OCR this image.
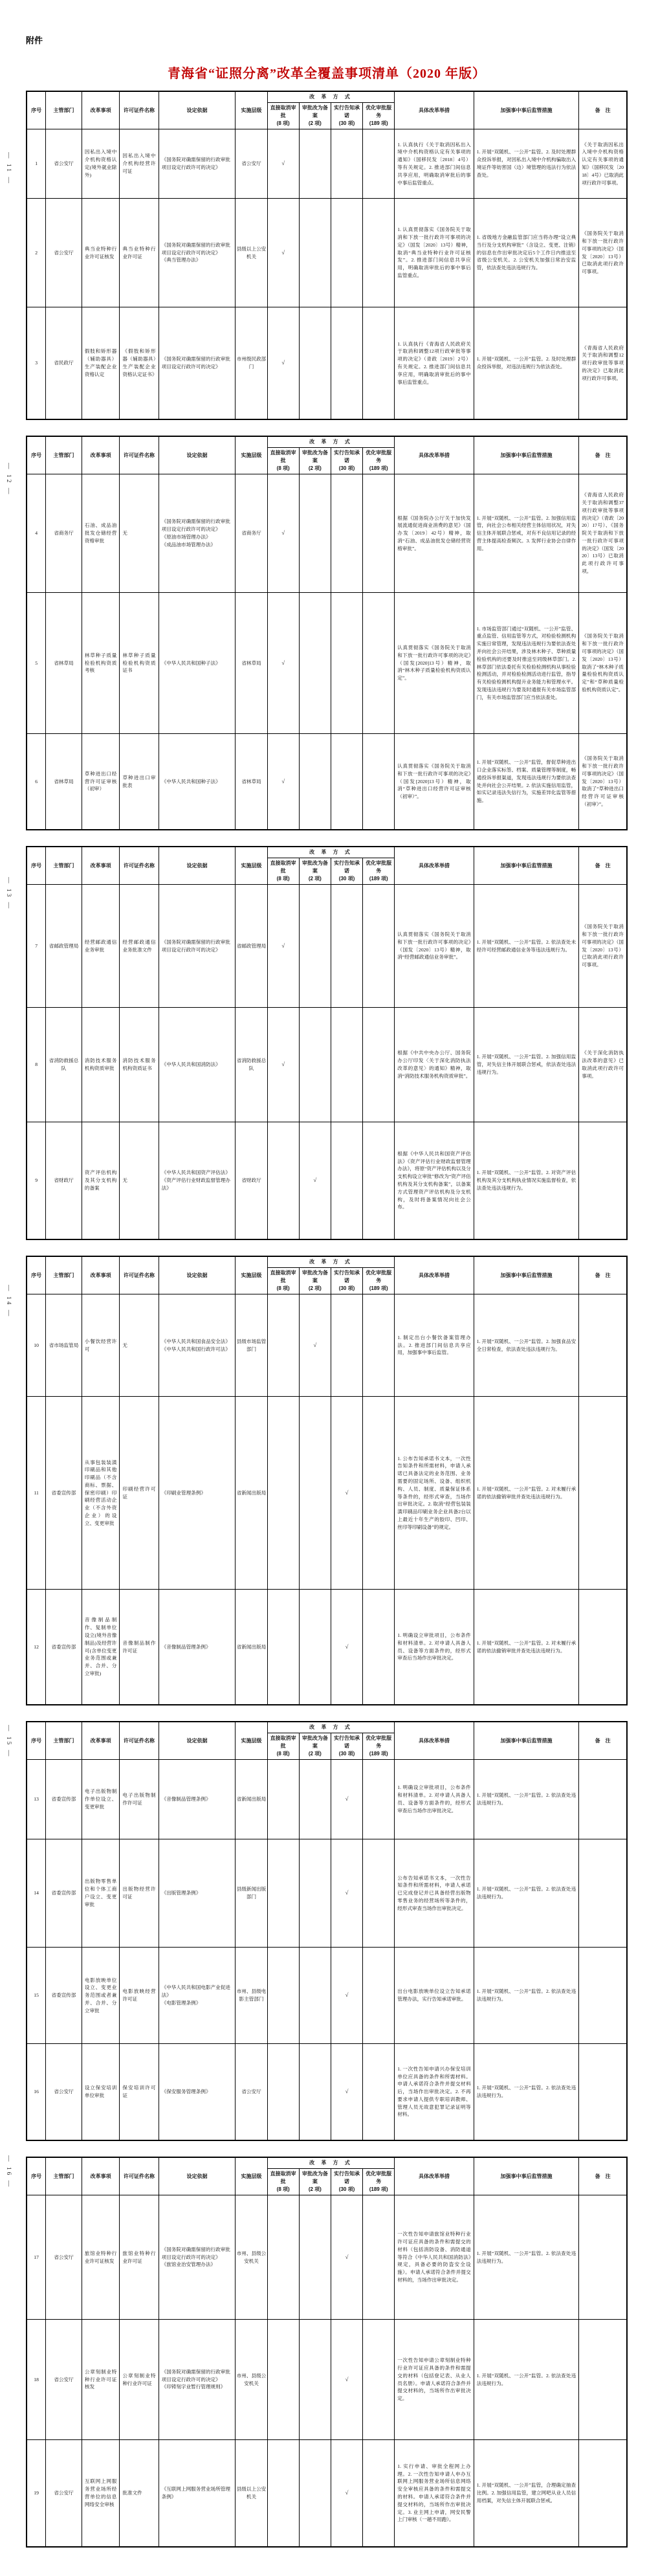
附件
青海省“证照分离”改革全覆盖事项清单（2020 年版）
序号	主管部门	改革事项	许可证件名称	设定依据	实施层级	改 革 方 式				具体改革举措	加强事中事后监管措施	备　注

直接取消审批
(8 项)

审批改为备案
(2 项)

实行告知承诺
(30 项)

优化审批服务
(189 项)

1	省公安厅	因私出入境中介机构资格认定(境外就业除外)	因私出入境中介机构经营许可证	《国务院对确需保留的行政审批项目设定行政许可的决定》	省公安厅	√				1. 认真执行《关于取消因私出入境中介机构资格认定有关事项的通知》（国移民发〔2018〕4号）等有关规定。2. 推进部门间信息共享应用，明确取消审批后的事中事后监管重点。	1. 开展“双随机、一公开”监管。2. 及时处理群众投诉举报，对因私出入境中介机构骗取出入境证件等妨害国（边）境管理的违法行为依法查处。	《关于取消因私出入境中介机构资格认定有关事项的通知》（国移民发〔2018〕4号）已取消此项行政许可事项。
2	省公安厅	典当业特种行业许可证核发	典当业特种行业许可证	《国务院对确需保留的行政审批项目设定行政许可的决定》
《典当管理办法》	县级以上公安机关	√				1. 认真贯彻落实《国务院关于取消和下放一批行政许可事项的决定》（国发〔2020〕13号）精神，取消“典当业特种行业许可证核发”。2. 推进部门间信息共享应用，明确取消审批后的事中事后监管重点。	1. 省级地方金融监管部门应当将办理“设立典当行及分支机构审批”（含设立、变更、注销）的信息在作出审批决定后5个工作日内推送至省级公安机关。2. 公安机关加强日常治安监管，依法查处违法违规行为。	《国务院关于取消和下放一批行政许可事项的决定》（国发〔2020〕13号）已取消此项行政许可事项。
3	省民政厅	假肢和矫形器（辅助器具）生产装配企业资格认定	《假肢和矫形器（辅助器具）生产装配企业资格认定证书》	《国务院对确需保留的行政审批项目设定行政许可的决定》	市州级民政部门	√				1. 认真执行《青海省人民政府关于取消和调整12项行政审批等事项的决定》（青政〔2019〕2号）有关规定。2. 推进部门间信息共享应用，明确取消审批后的事中事后监管重点。	1. 开展“双随机、一公开”监管。2. 及时处理群众投诉举报，对违法违规行为依法查处。	《青海省人民政府关于取消和调整12项行政审批等事项的决定》已取消此项行政许可事项。
序号	主管部门	改革事项	许可证件名称	设定依据	实施层级	改 革 方 式				具体改革举措	加强事中事后监管措施	备　注

直接取消审批
(8 项)

审批改为备案
(2 项)

实行告知承诺
(30 项)

优化审批服务
(189 项)

4	省商务厅	石油、成品油批发仓储经营资格审批	无	《国务院对确需保留的行政审批项目设定行政许可的决定》
《原油市场管理办法》
《成品油市场管理办法》	省商务厅	√				根据《国务院办公厅关于加快发展流通促进商业消费的意见》（国办发〔2019〕42号）精神，取消“石油、成品油批发仓储经营资格审批”。	1. 开展“双随机、一公开”监管。2. 加强信用监管，向社会公布相关经营主体信用状况，对失信主体开展联合惩戒，对有不良信用记录的经营主体提高检查频次。3. 发挥行业协会自律作用。	《青海省人民政府关于取消和调整37项行政审批等事项的决定》（青政〔2020〕17号）、《国务院关于取消和下放一批行政许可事项的决定》（国发〔2020〕13号）已取消此项行政许可事项。
5	省林草局	林草种子质量检验机构资质考核	林草种子质量检验机构资质证书	《中华人民共和国种子法》	省林草局	√				认真贯彻落实《国务院关于取消和下放一批行政许可事项的决定》（国发[2020]13号）精神，取消“林木种子质量检验机构资质认定”。	1. 市场监管部门通过“双随机、一公开”监管、重点监管、信用监管等方式，对检验检测机构实施日常管理，发现违法违规行为要依法查处并向社会公开结果，涉及林木种子、草种质量检验机构的还要及时推送至同级林草部门。2. 林草部门依法委托有关检验检测机构从事检验检测活动，并对检验检测活动进行监管，指导有关检验检测机构提升业务能力和管理水平。发现违法违规行为要及时通报有关市场监管部门，有关市场监管部门应当依法查处。	《国务院关于取消和下放一批行政许可事项的决定》（国发〔2020〕13号）取消了“林木种子质量检验机构资质认定”和“草种质量检验机构资质认定”。
6	省林草局	草种进出口经营许可证审核（初审）	草种进出口审批表	《中华人民共和国种子法》	省林草局	√				认真贯彻落实《国务院关于取消和下放一批行政许可事项的决定》（国发[2020]13号）精神，取消“草种进出口经营许可证审核（初审）”。	1. 开展“双随机、一公开”监管，督促草种进出口企业落实标签、档案、质量管理等制度，畅通投诉举报渠道，发现违法违规行为要依法查处并向社会公开结果。2. 依法实施信用监管，如实记录违法失信行为，实施差异化监管等措施。	《国务院关于取消和下放一批行政许可事项的决定》（国发〔2020〕13号）取消了“草种进出口经营许可证审核（初审）”。
序号	主管部门	改革事项	许可证件名称	设定依据	实施层级	改 革 方 式				具体改革举措	加强事中事后监管措施	备　注

直接取消审批
(8 项)

审批改为备案
(2 项)

实行告知承诺
(30 项)

优化审批服务
(189 项)

7	省邮政管理局	经营邮政通信业务审批	经营邮政通信业务批准文件	《国务院对确需保留的行政审批项目设定行政许可的决定》	省邮政管理局	√				认真贯彻落实《国务院关于取消和下放一批行政许可事项的决定》（国发〔2020〕13号）精神，取消“经营邮政通信业务审批”。	1. 开展“双随机、一公开”监管。2. 依法查处未经许可经营邮政通信业务等违法违规行为。	《国务院关于取消和下放一批行政许可事项的决定》（国发〔2020〕13号）已取消此项行政许可事项。
8	省消防救援总队	消防技术服务机构资质审批	消防技术服务机构资质证书	《中华人民共和国消防法》	省消防救援总队	√				根据《中共中央办公厅、国务院办公厅印发〈关于深化消防执法改革的意见〉的通知》精神，取消“消防技术服务机构资质审批”。	1. 开展“双随机、一公开”监管。2. 加强信用监管，对失信主体开展联合惩戒，依法查处违法违规行为。	《关于深化消防执法改革的意见》已取消此项行政许可事项。
9	省财政厅	资产评估机构及其分支机构的备案	无	《中华人民共和国资产评估法》
《资产评估行业财政监督管理办法》	省财政厅		√			根据《中华人民共和国资产评估法》《资产评估行业财政监督管理办法》，将原“资产评估机构以及分支机构设立审批”修改为“资产评估机构及其分支机构备案”，以备案方式管理资产评估机构及分支机构，及时将备案情况向社会公布。	1. 开展“双随机、一公开”监管。2. 对资产评估机构及其分支机构执业情况实施监督检查，依法查处违法违规行为。	
序号	主管部门	改革事项	许可证件名称	设定依据	实施层级	改 革 方 式				具体改革举措	加强事中事后监管措施	备　注

直接取消审批
(8 项)

审批改为备案
(2 项)

实行告知承诺
(30 项)

优化审批服务
(189 项)

10	省市场监管局	小餐饮经营许可	无	《中华人民共和国食品安全法》
《中华人民共和国行政许可法》	县级市场监管部门		√			1. 制定出台小餐饮备案管理办法。2. 推进部门间信息共享应用，加强事中事后监管。	1. 开展“双随机、一公开”监管。2. 加强食品安全日常检查，依法查处违法违规行为。	
11	省委宣传部	从事包装装潢印刷品和其他印刷品（不含商标、票据、保密印刷）印刷经营活动企业（不含外资企业）的设立、变更审批	印刷经营许可证	《印刷业管理条例》	省新闻出版局			√		1. 公布告知承诺书文本，一次性告知条件和所需材料，申请人承诺已具备法定的业务范围、业务需要的固定场所、设备、组织机构、人员、制度、质量保证体系等条件的，经形式审查，当场作出审批决定。2. 取消“经营包装装潢印刷品印刷业务企业具备2台以上最近十年生产的胶印、凹印、丝印等印刷设备”的规定。	1. 开展“双随机、一公开”监管。2. 对未履行承诺的依法撤销审批并查处违法违规行为。	
12	省委宣传部	音像制品制作、复制单位设立(境外音像制品)及经营许可(含单位变更业务范围或兼并、合并、分立审批)	音像制品制作许可证	《音像制品管理条例》	省新闻出版局			√		1. 明确设立审批项目，公布条件和材料清单。2. 对申请人具备人员、设备等方面条件的，经形式审查后当场作出审批决定。	1. 开展“双随机、一公开”监管。2. 对未履行承诺的依法撤销审批并查处违法违规行为。	
序号	主管部门	改革事项	许可证件名称	设定依据	实施层级	改 革 方 式				具体改革举措	加强事中事后监管措施	备　注

直接取消审批
(8 项)

审批改为备案
(2 项)

实行告知承诺
(30 项)

优化审批服务
(189 项)

13	省委宣传部	电子出版物制作单位设立、变更审批	电子出版物制作许可证	《音像制品管理条例》	省新闻出版局			√		1. 明确设立审批项目，公布条件和材料清单。2. 对申请人具备人员、设备等方面条件的，经形式审查后当场作出审批决定。	1. 开展“双随机、一公开”监管。2. 依法查处违法违规行为。	
14	省委宣传部	出版物零售单位和个体工商户设立、变更审批	出版物经营许可证	《出版管理条例》	县级新闻出版部门			√		公布告知承诺书文本，一次性告知条件和所需材料，申请人承诺已完成登记并已具备经营出版物零售业务的经营场所等条件的，经形式审查当场作出审批决定。	1. 开展“双随机、一公开”监管。2. 依法查处违法违规行为。	
15	省委宣传部	电影放映单位设立、变更业务范围或者兼并、合并、分立审批	电影放映经营许可证	《中华人民共和国电影产业促进法》
《电影管理条例》	市州、县级电影主管部门			√		出台电影放映单位设立告知承诺管理办法，实行告知承诺审批。	1. 开展“双随机、一公开”监管。2. 依法查处违法违规行为。	
16	省公安厅	设立保安培训单位审批	保安培训许可证	《保安服务管理条例》	省公安厅			√		1. 一次性告知申请兴办保安培训单位应具备的条件和所需材料。申请人承诺符合条件并提交材料后，当场作出审批决定。2. 不再要求申请人提供专职培训教师、管理人员无故意犯罪记录证明等材料。	1. 开展“双随机、一公开”监管。2. 依法查处违法违规行为。	
序号	主管部门	改革事项	许可证件名称	设定依据	实施层级	改 革 方 式				具体改革举措	加强事中事后监管措施	备　注

直接取消审批
(8 项)

审批改为备案
(2 项)

实行告知承诺
(30 项)

优化审批服务
(189 项)

17	省公安厅	旅馆业特种行业许可证核发	旅馆业特种行业许可证	《国务院对确需保留的行政审批项目设定行政许可的决定》
《旅馆业治安管理办法》	市州、县级公安机关			√		一次性告知申请旅馆业特种行业许可证应具备的条件和需提交的材料（包括消防设备、消防通道等符合《中华人民共和国消防法》规定，具备必要的防盗安全设施）。申请人承诺符合条件并提交材料的，当场作出审批决定。	1. 开展“双随机、一公开”监管。2. 依法查处违法违规行为。	
18	省公安厅	公章刻制业特种行业许可证核发	公章刻制业特种行业许可证	《国务院对确需保留的行政审批项目设定行政许可的决定》
《印铸刻字业暂行管理规则》	市州、县级公安机关			√		一次性告知申请公章刻制业特种行业许可证应具备的条件和需提交的材料（包括登记表、从业人员名册）。申请人承诺符合条件并提交材料的，当场所作出审批决定。	1. 开展“双随机、一公开”监管。2. 依法查处违法违规行为。	
19	省公安厅	互联网上网服务营业场所经营单位的信息网络安全审核	批准文件	《互联网上网服务营业场所管理条例》	县级以上公安机关			√		1. 实行申请、审批全程网上办理。2. 一次性告知申请人申办互联网上网服务营业场所信息网络安全审核应具备的条件和需提交的材料。申请人承诺符合条件并提交材料的，当场所作出审批决定。3. 业主网上申请，网安民警上门审核（一趟不用跑）。	1. 开展“双随机、一公开”监管，合理确定抽查比例。2. 加强信用监管，建立网吧从业人员信用档案，对失信主体开展联合惩戒。	
— 11 —
— 12 —
— 13 —
— 14 —
— 15 —
— 16 —
